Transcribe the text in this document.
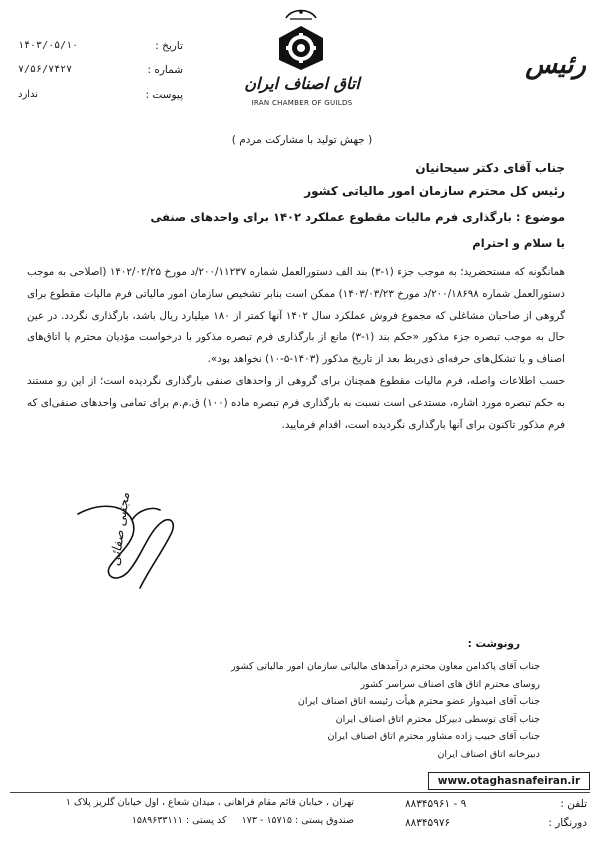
اتاق اصناف ایران
IRAN CHAMBER OF GUILDS
رئیس
۱۴۰۳/۰۵/۱۰	تاریخ :
۷/۵۶/۷۴۲۷	شماره :
ندارد	پیوست :
( جهش تولید با مشارکت مردم )
جناب آقای دکتر سیحانیان
رئیس کل محترم سازمان امور مالیاتی کشور
موضوع : بارگذاری فرم مالیات مقطوع عملکرد ۱۴۰۲ برای واحدهای صنفی
با سلام و احترام

همانگونه که مستحضرید؛ به موجب جزء (۱-۳) بند الف دستورالعمل شماره ۲۰۰/۱۱۲۳۷/د مورخ ۱۴۰۲/۰۲/۲۵ (اصلاحی به موجب دستورالعمل شماره ۲۰۰/۱۸۶۹۸/د مورخ ۱۴۰۳/۰۳/۲۳) ممکن است بنابر تشخیص سازمان امور مالیاتی فرم مالیات مقطوع برای گروهی از صاحبان مشاغلی که مجموع فروش عملکرد سال ۱۴۰۲ آنها کمتر از ۱۸۰ میلیارد ریال باشد، بارگذاری نگردد. در عین حال به موجب تبصره جزء مذکور «حکم بند (۱-۳) مانع از بارگذاری فرم تبصره مذکور با درخواست مؤدیان محترم یا اتاق‌های اصناف و یا تشکل‌های حرفه‌ای ذی‌ربط بعد از تاریخ مذکور (۱۴۰۳-۵-۱۰) نخواهد بود».

حسب اطلاعات واصله، فرم مالیات مقطوع همچنان برای گروهی از واحدهای صنفی بارگذاری نگردیده است؛ از این رو مستند به حکم تبصره مورد اشاره، مستدعی است نسبت به بارگذاری فرم تبصره ماده (۱۰۰) ق.م.م برای تمامی واحدهای صنفی‌ای که فرم مذکور تاکنون برای آنها بارگذاری نگردیده است، اقدام فرمایید.

مجتبی صفائی
رونوشت :
جناب آقای پاکدامن معاون محترم درآمدهای مالیاتی سازمان امور مالیاتی کشور
روسای محترم اتاق های اصناف سراسر کشور
جناب آقای امیدوار عضو محترم هیأت رئیسه اتاق اصناف ایران
جناب آقای توسطی دبیرکل محترم اتاق اصناف ایران
جناب آقای حبیب زاده مشاور محترم اتاق اصناف ایران
دبیرخانه اتاق اصناف ایران
www.otaghasnafeiran.ir
تهران ، خیابان قائم مقام فراهانی ، میدان شعاع ، اول خیابان گلریز پلاک ۱
صندوق پستی : ۱۵۷۱۵ - ۱۷۳     کد پستی : ۱۵۸۹۶۳۳۱۱۱
۸۸۳۴۵۹۶۱ - ۹	تلفن :
۸۸۳۴۵۹۷۶	دورنگار :
